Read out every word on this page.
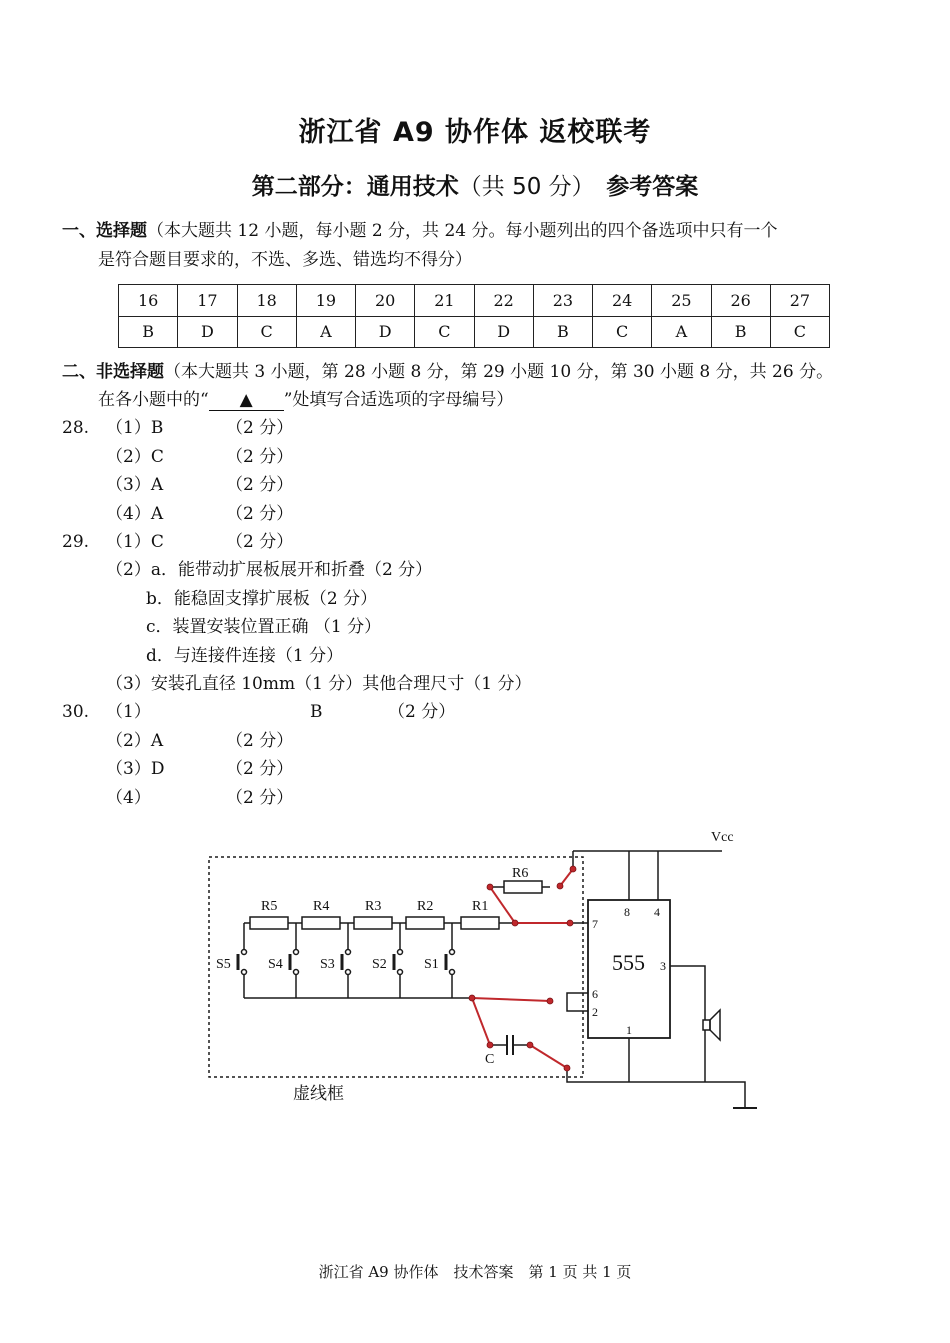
浙江省 A9 协作体 返校联考
第二部分：通用技术（共 50 分）　 参考答案
一、选择题（本大题共 12 小题，每小题 2 分，共 24 分。每小题列出的四个备选项中只有一个
是符合题目要求的，不选、多选、错选均不得分）
16	17	18	19	20	21	22	23	24	25	26	27
B	D	C	A	D	C	D	B	C	A	B	C
二、非选择题（本大题共 3 小题，第 28 小题 8 分，第 29 小题 10 分，第 30 小题 8 分，共 26 分。
在各小题中的“ ▲ ”处填写合适选项的字母编号）
28. （1）B	（2 分）
（2）C	（2 分）
（3）A	（2 分）
（4）A	（2 分）
29. （1）C	（2 分）
（2）a．能带动扩展板展开和折叠（2 分）
b．能稳固支撑扩展板（2 分）
c．装置安装位置正确 （1 分）
d．与连接件连接（1 分）
（3）安装孔直径 10mm（1 分）其他合理尺寸（1 分）
30. （1）	B	（2 分）
（2）A	（2 分）
（3）D	（2 分）
（4）	（2 分）
Vcc
R5	R4	R3	R2	R1
R6
S5	S4	S3	S2	S1
C
555
8 4
7
3
6
2
1
虚线框
浙江省 A9 协作体　技术答案　第 1 页 共 1 页
